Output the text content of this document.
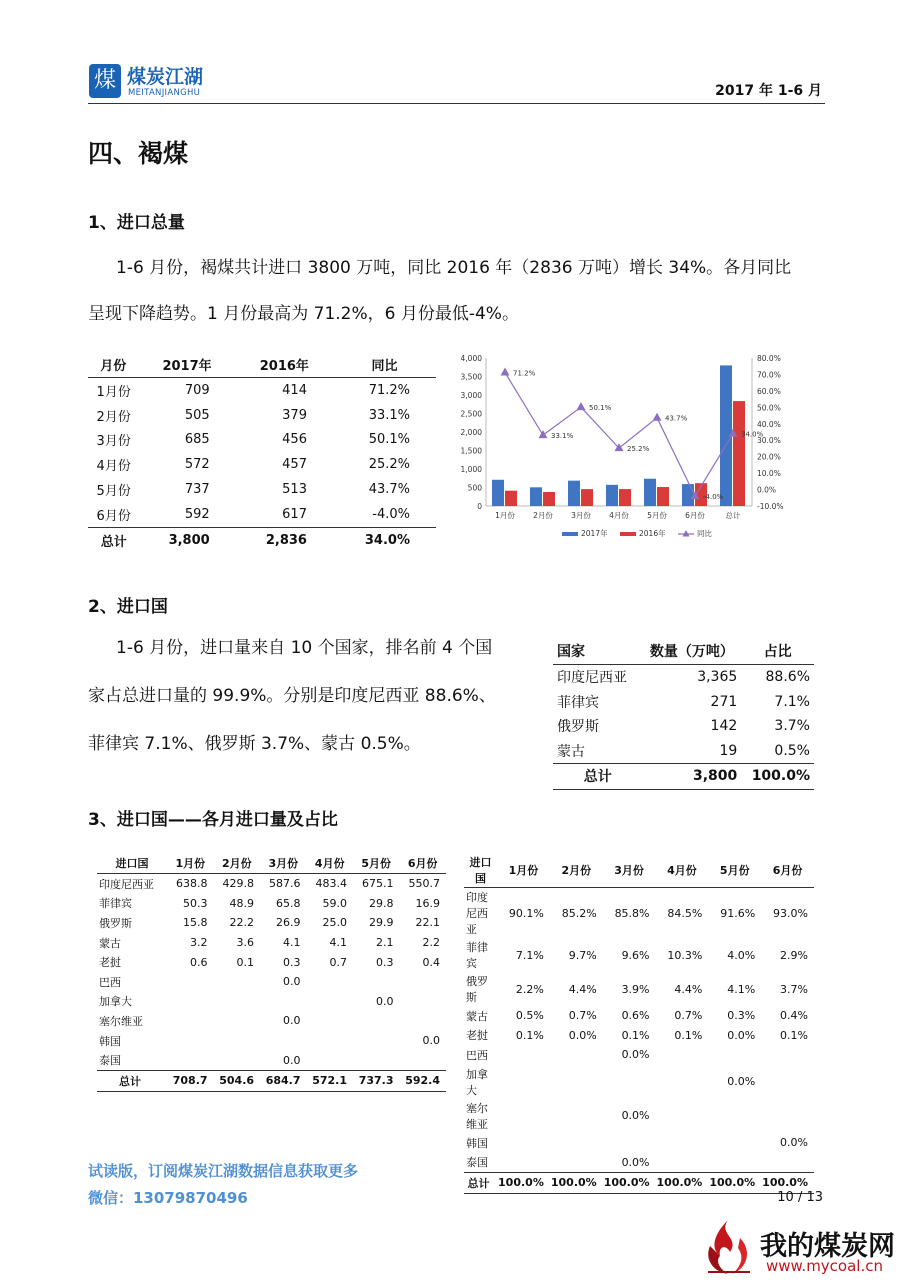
煤 煤炭江湖
MEITANJIANGHU	2017 年 1-6 月
四、褐煤
1、进口总量
1-6 月份，褐煤共计进口 3800 万吨，同比 2016 年（2836 万吨）增长 34%。各月同比
呈现下降趋势。1 月份最高为 71.2%，6 月份最低-4%。
月份	2017年	2016年	同比
1月份	709	414	71.2%
2月份	505	379	33.1%
3月份	685	456	50.1%
4月份	572	457	25.2%
5月份	737	513	43.7%
6月份	592	617	-4.0%
总计	3,800	2,836	34.0%
4,000
3,500
3,000
2,500
2,000
1,500
1,000
500
0
80.0%
70.0%
60.0%
50.0%
40.0%
30.0%
20.0%
10.0%
0.0%
-10.0%
1月份 2月份 3月份 4月份 5月份 6月份	总计
71.2%
33.1%
50.1%
25.2%
43.7%
-4.0%
34.0%
2017年	2016年	同比
2、进口国
1-6 月份，进口量来自 10 个国家，排名前 4 个国
家占总进口量的 99.9%。分别是印度尼西亚 88.6%、
菲律宾 7.1%、俄罗斯 3.7%、蒙古 0.5%。
国家	数量（万吨）	占比
印度尼西亚	3,365	88.6%
菲律宾	271	7.1%
俄罗斯	142	3.7%
蒙古	19	0.5%
总计	3,800	100.0%
3、进口国——各月进口量及占比
进口国	1月份	2月份	3月份	4月份	5月份	6月份
印度尼西亚	638.8	429.8	587.6	483.4	675.1	550.7
菲律宾	50.3	48.9	65.8	59.0	29.8	16.9
俄罗斯	15.8	22.2	26.9	25.0	29.9	22.1
蒙古	3.2	3.6	4.1	4.1	2.1	2.2
老挝	0.6	0.1	0.3	0.7	0.3	0.4
巴西			0.0			
加拿大					0.0	
塞尔维亚			0.0			
韩国						0.0
泰国			0.0			
总计	708.7	504.6	684.7	572.1	737.3	592.4
进口国	1月份	2月份	3月份	4月份	5月份	6月份
印度尼西亚	90.1%	85.2%	85.8%	84.5%	91.6%	93.0%
菲律宾	7.1%	9.7%	9.6%	10.3%	4.0%	2.9%
俄罗斯	2.2%	4.4%	3.9%	4.4%	4.1%	3.7%
蒙古	0.5%	0.7%	0.6%	0.7%	0.3%	0.4%
老挝	0.1%	0.0%	0.1%	0.1%	0.0%	0.1%
巴西			0.0%			
加拿大					0.0%	
塞尔维亚			0.0%			
韩国						0.0%
泰国			0.0%			
总计	100.0%	100.0%	100.0%	100.0%	100.0%	100.0%
试读版，订阅煤炭江湖数据信息获取更多
微信：13079870496	10 / 13
我的煤炭网
www.mycoal.cn
